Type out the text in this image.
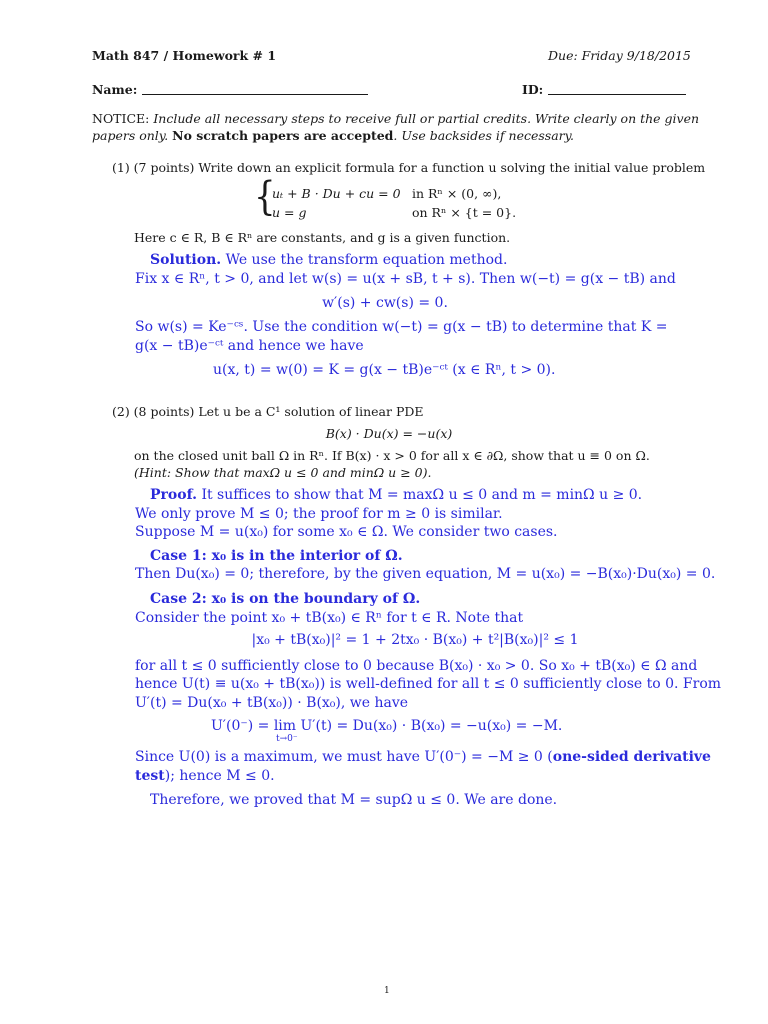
Math 847 / Homework # 1	Due: Friday 9/18/2015
Name:	ID:
NOTICE: Include all necessary steps to receive full or partial credits. Write clearly on the given
papers only. No scratch papers are accepted. Use backsides if necessary.
(1) (7 points) Write down an explicit formula for a function u solving the initial value problem
{
uₜ + B · Du + cu = 0 in Rⁿ × (0, ∞),
u = g	on Rⁿ × {t = 0}.
Here c ∈ R, B ∈ Rⁿ are constants, and g is a given function.
Solution. We use the transform equation method.
Fix x ∈ Rⁿ, t > 0, and let w(s) = u(x + sB, t + s). Then w(−t) = g(x − tB) and
w′(s) + cw(s) = 0.
So w(s) = Ke⁻ᶜˢ. Use the condition w(−t) = g(x − tB) to determine that K =
g(x − tB)e⁻ᶜᵗ and hence we have
u(x, t) = w(0) = K = g(x − tB)e⁻ᶜᵗ (x ∈ Rⁿ, t > 0).
(2) (8 points) Let u be a C¹ solution of linear PDE
B(x) · Du(x) = −u(x)
on the closed unit ball Ω in Rⁿ. If B(x) · x > 0 for all x ∈ ∂Ω, show that u ≡ 0 on Ω.
(Hint: Show that maxΩ u ≤ 0 and minΩ u ≥ 0).
Proof. It suffices to show that M = maxΩ u ≤ 0 and m = minΩ u ≥ 0.
We only prove M ≤ 0; the proof for m ≥ 0 is similar.
Suppose M = u(x₀) for some x₀ ∈ Ω. We consider two cases.
Case 1: x₀ is in the interior of Ω.
Then Du(x₀) = 0; therefore, by the given equation, M = u(x₀) = −B(x₀)·Du(x₀) = 0.
Case 2: x₀ is on the boundary of Ω.
Consider the point x₀ + tB(x₀) ∈ Rⁿ for t ∈ R. Note that
|x₀ + tB(x₀)|² = 1 + 2tx₀ · B(x₀) + t²|B(x₀)|² ≤ 1
for all t ≤ 0 sufficiently close to 0 because B(x₀) · x₀ > 0. So x₀ + tB(x₀) ∈ Ω and
hence U(t) ≡ u(x₀ + tB(x₀)) is well-defined for all t ≤ 0 sufficiently close to 0. From
U′(t) = Du(x₀ + tB(x₀)) · B(x₀), we have
U′(0⁻) = lim U′(t) = Du(x₀) · B(x₀) = −u(x₀) = −M.
t→0⁻
Since U(0) is a maximum, we must have U′(0⁻) = −M ≥ 0 (one-sided derivative
test); hence M ≤ 0.
Therefore, we proved that M = supΩ u ≤ 0. We are done.
1
